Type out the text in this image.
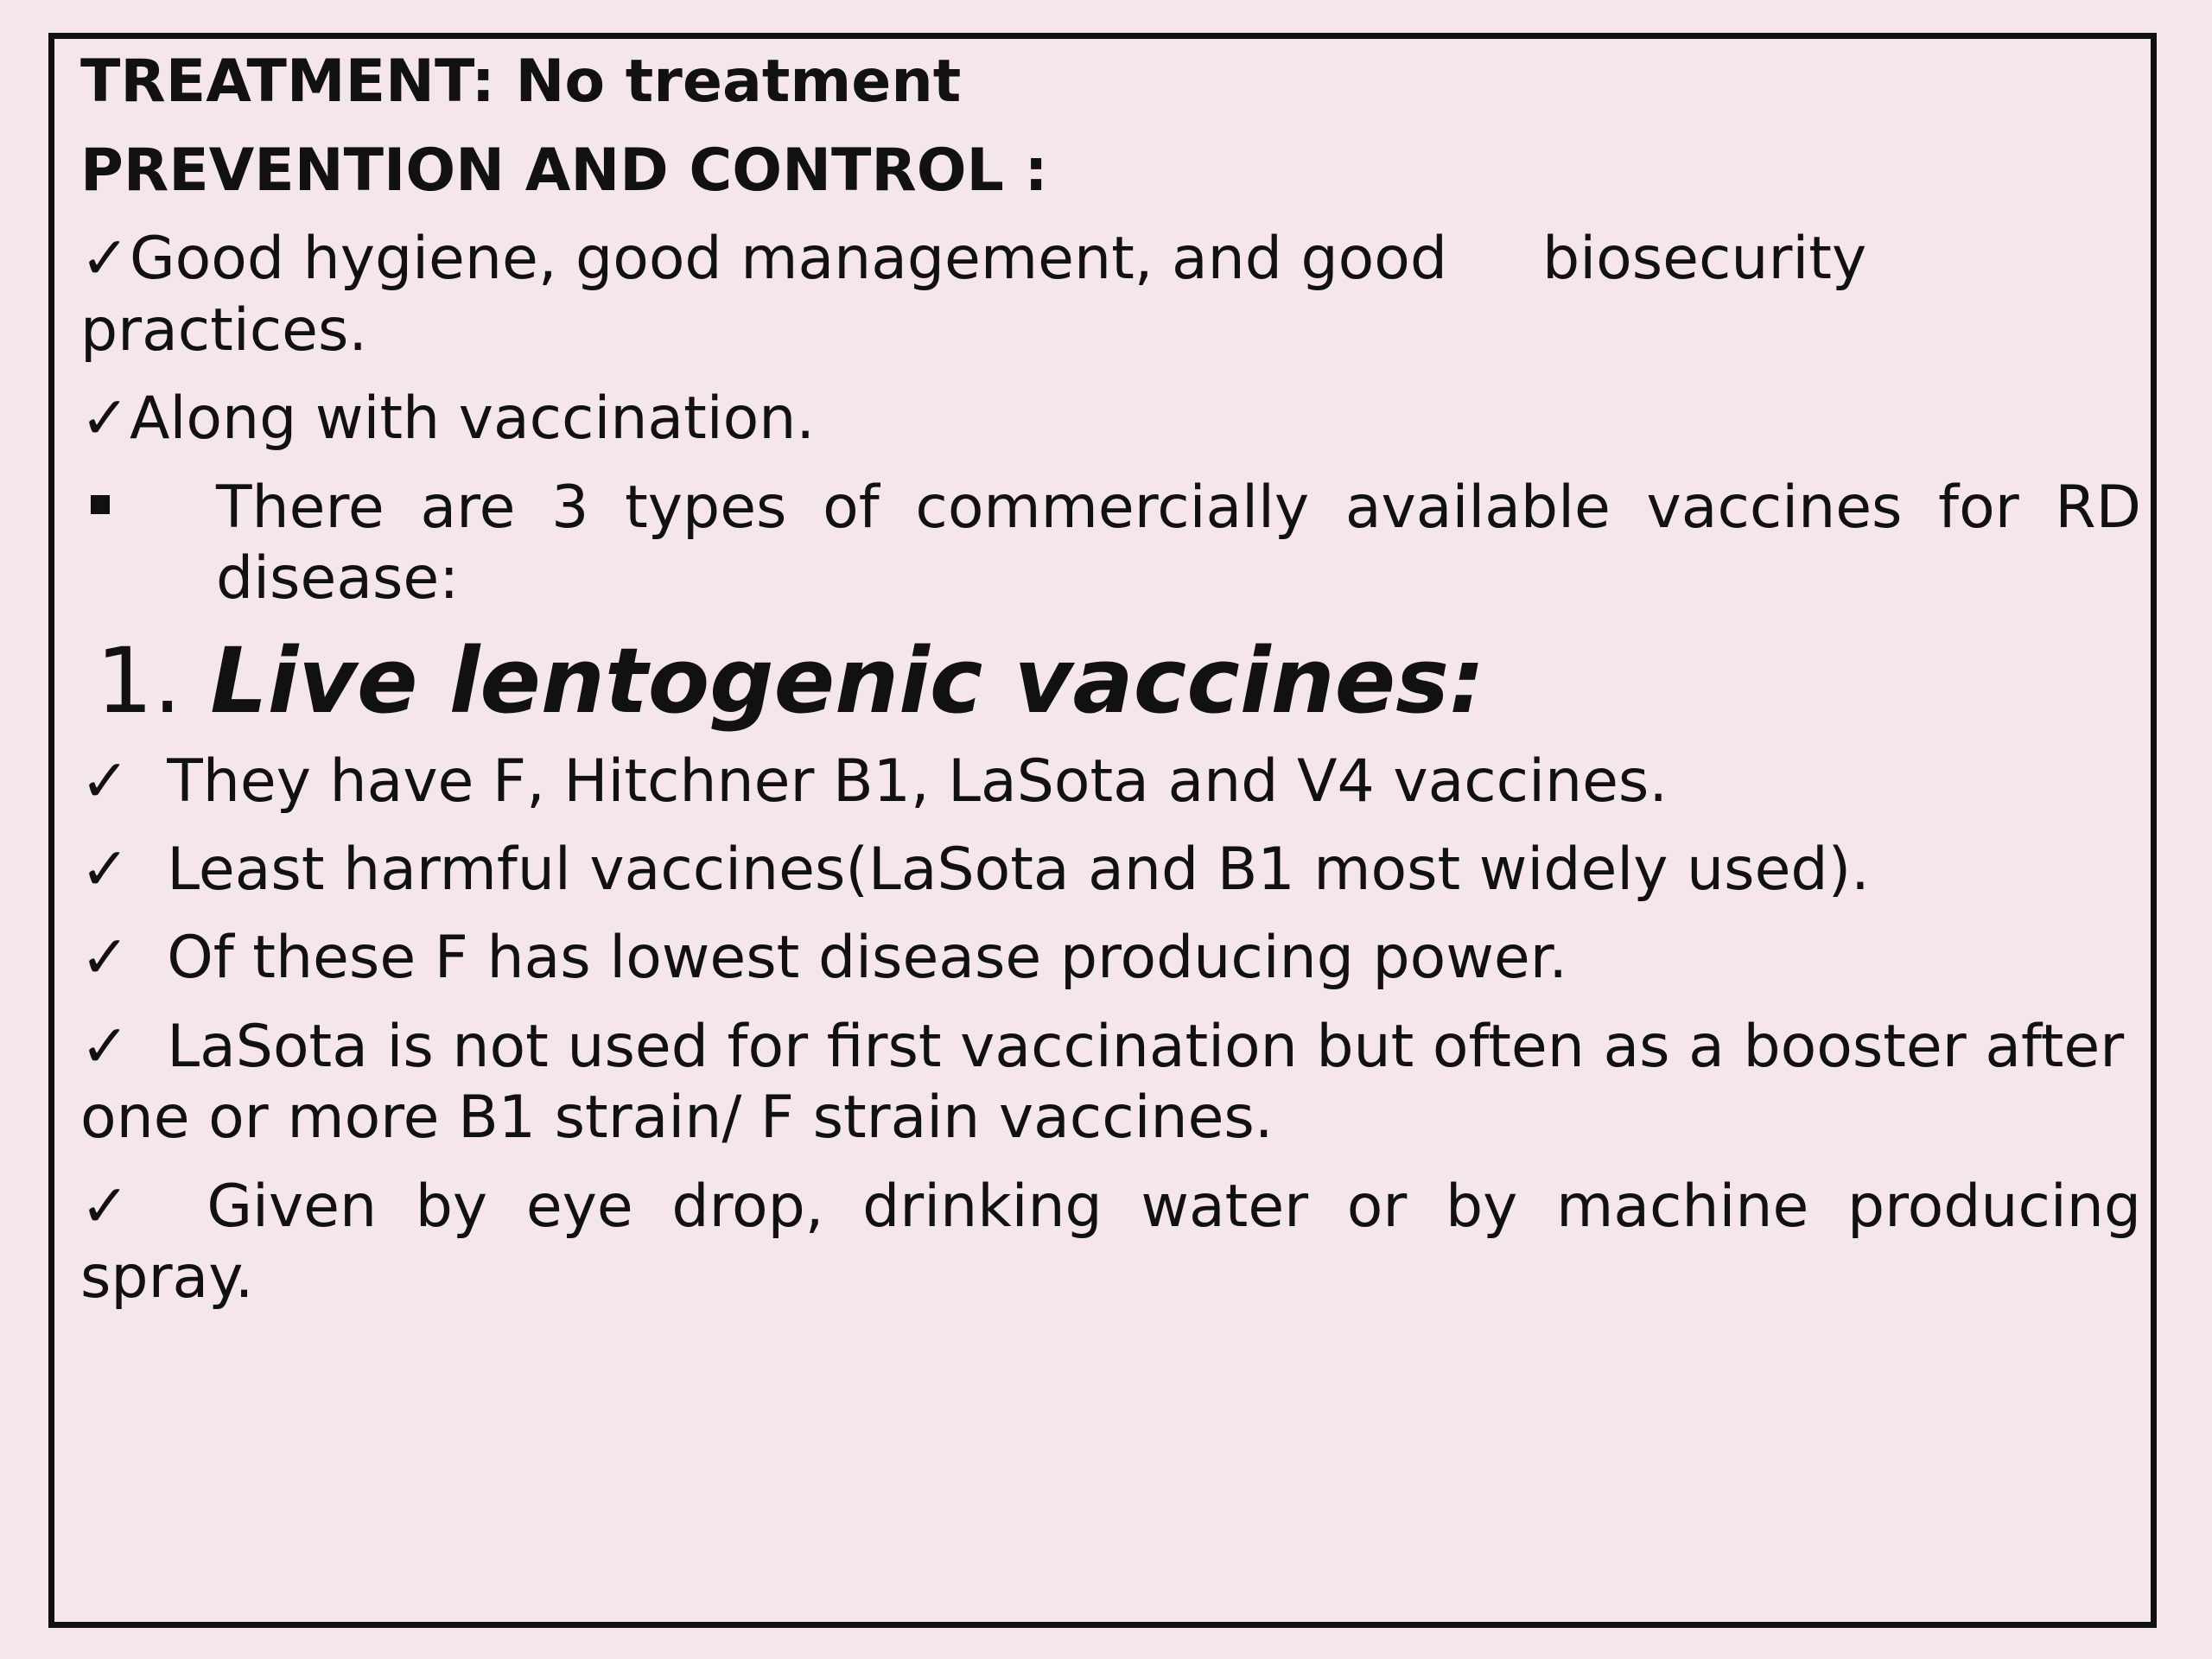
TREATMENT: No treatment
PREVENTION AND CONTROL :
✓Good hygiene, good management, and good biosecurity
practices.
✓Along with vaccination.
There are 3 types of commercially available vaccines for RD
disease:
1. Live lentogenic vaccines:
✓ They have F, Hitchner B1, LaSota and V4 vaccines.
✓ Least harmful vaccines(LaSota and B1 most widely used).
✓ Of these F has lowest disease producing power.
✓ LaSota is not used for first vaccination but often as a booster after
one or more B1 strain/ F strain vaccines.
✓ Given by eye drop, drinking water or by machine producing
spray.
